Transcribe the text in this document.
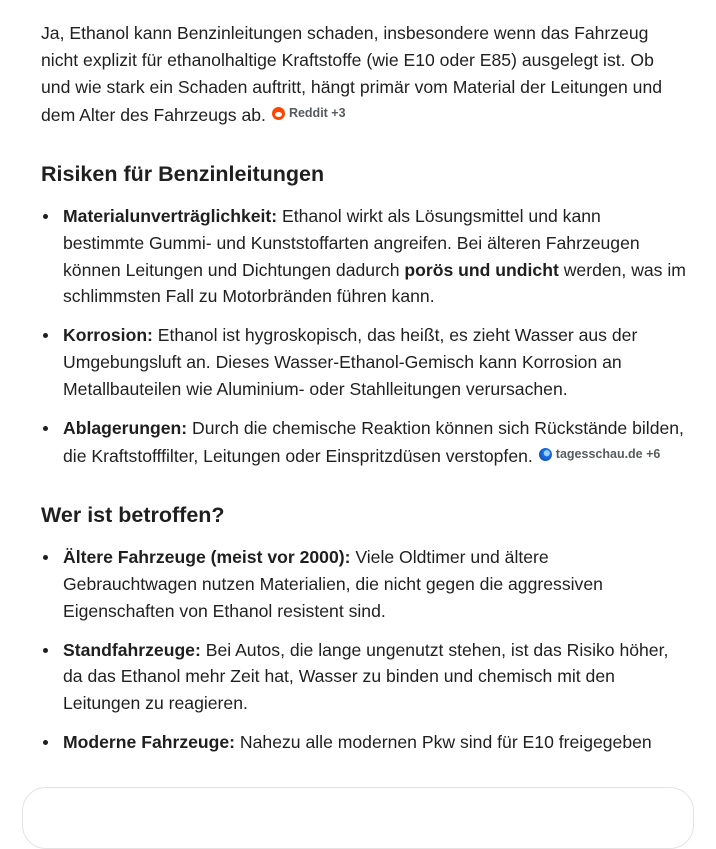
Ja, Ethanol kann Benzinleitungen schaden, insbesondere wenn das Fahrzeug nicht explizit für ethanolhaltige Kraftstoffe (wie E10 oder E85) ausgelegt ist. Ob und wie stark ein Schaden auftritt, hängt primär vom Material der Leitungen und dem Alter des Fahrzeugs ab. Reddit +3

Risiken für Benzinleitungen
Materialunverträglichkeit: Ethanol wirkt als Lösungsmittel und kann bestimmte Gummi- und Kunststoffarten angreifen. Bei älteren Fahrzeugen können Leitungen und Dichtungen dadurch porös und undicht werden, was im schlimmsten Fall zu Motorbränden führen kann.
Korrosion: Ethanol ist hygroskopisch, das heißt, es zieht Wasser aus der Umgebungsluft an. Dieses Wasser-Ethanol-Gemisch kann Korrosion an Metallbauteilen wie Aluminium- oder Stahlleitungen verursachen.
Ablagerungen: Durch die chemische Reaktion können sich Rückstände bilden, die Kraftstofffilter, Leitungen oder Einspritzdüsen verstopfen. tagesschau.de +6
Wer ist betroffen?
Ältere Fahrzeuge (meist vor 2000): Viele Oldtimer und ältere Gebrauchtwagen nutzen Materialien, die nicht gegen die aggressiven Eigenschaften von Ethanol resistent sind.
Standfahrzeuge: Bei Autos, die lange ungenutzt stehen, ist das Risiko höher, da das Ethanol mehr Zeit hat, Wasser zu binden und chemisch mit den Leitungen zu reagieren.
Moderne Fahrzeuge: Nahezu alle modernen Pkw sind für E10 freigegeben
